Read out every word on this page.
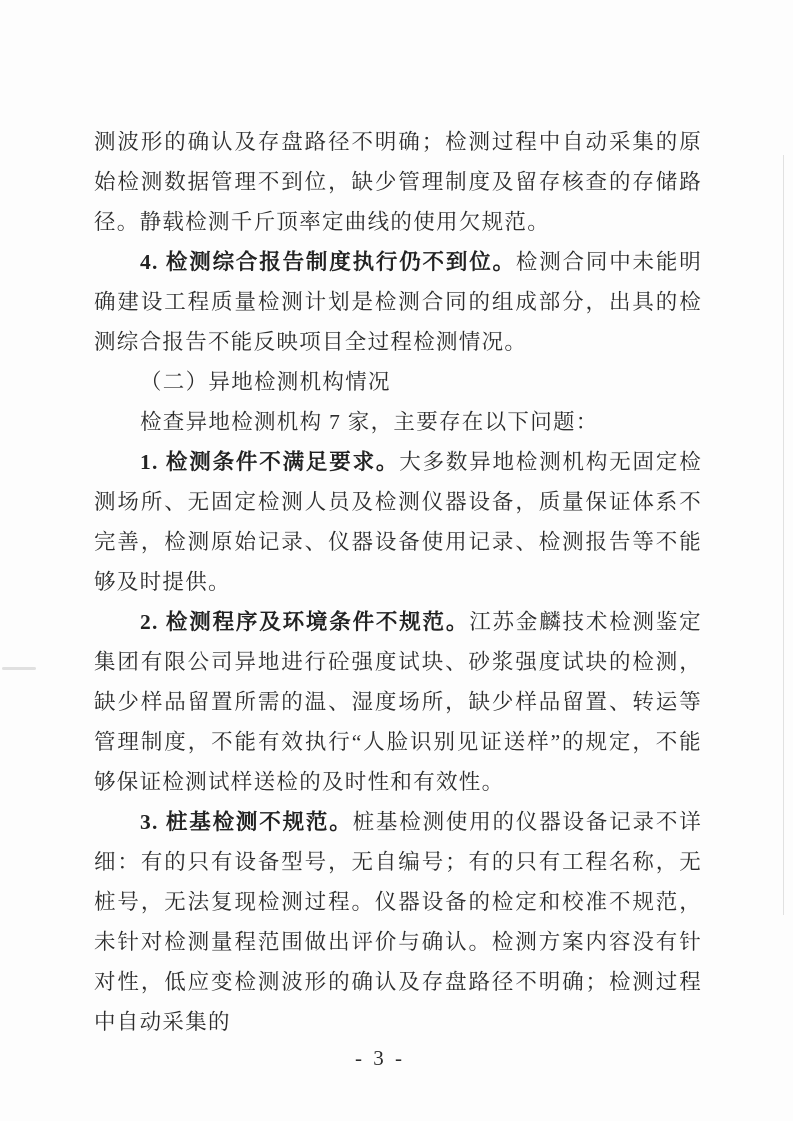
测波形的确认及存盘路径不明确；检测过程中自动采集的原始检测数据管理不到位，缺少管理制度及留存核查的存储路径。静载检测千斤顶率定曲线的使用欠规范。

4. 检测综合报告制度执行仍不到位。检测合同中未能明确建设工程质量检测计划是检测合同的组成部分，出具的检测综合报告不能反映项目全过程检测情况。

（二）异地检测机构情况

检查异地检测机构 7 家，主要存在以下问题：

1. 检测条件不满足要求。大多数异地检测机构无固定检测场所、无固定检测人员及检测仪器设备，质量保证体系不完善，检测原始记录、仪器设备使用记录、检测报告等不能够及时提供。

2. 检测程序及环境条件不规范。江苏金麟技术检测鉴定集团有限公司异地进行砼强度试块、砂浆强度试块的检测，缺少样品留置所需的温、湿度场所，缺少样品留置、转运等管理制度，不能有效执行“人脸识别见证送样”的规定，不能够保证检测试样送检的及时性和有效性。

3. 桩基检测不规范。桩基检测使用的仪器设备记录不详细：有的只有设备型号，无自编号；有的只有工程名称，无桩号，无法复现检测过程。仪器设备的检定和校准不规范，未针对检测量程范围做出评价与确认。检测方案内容没有针对性，低应变检测波形的确认及存盘路径不明确；检测过程中自动采集的

- 3 -
